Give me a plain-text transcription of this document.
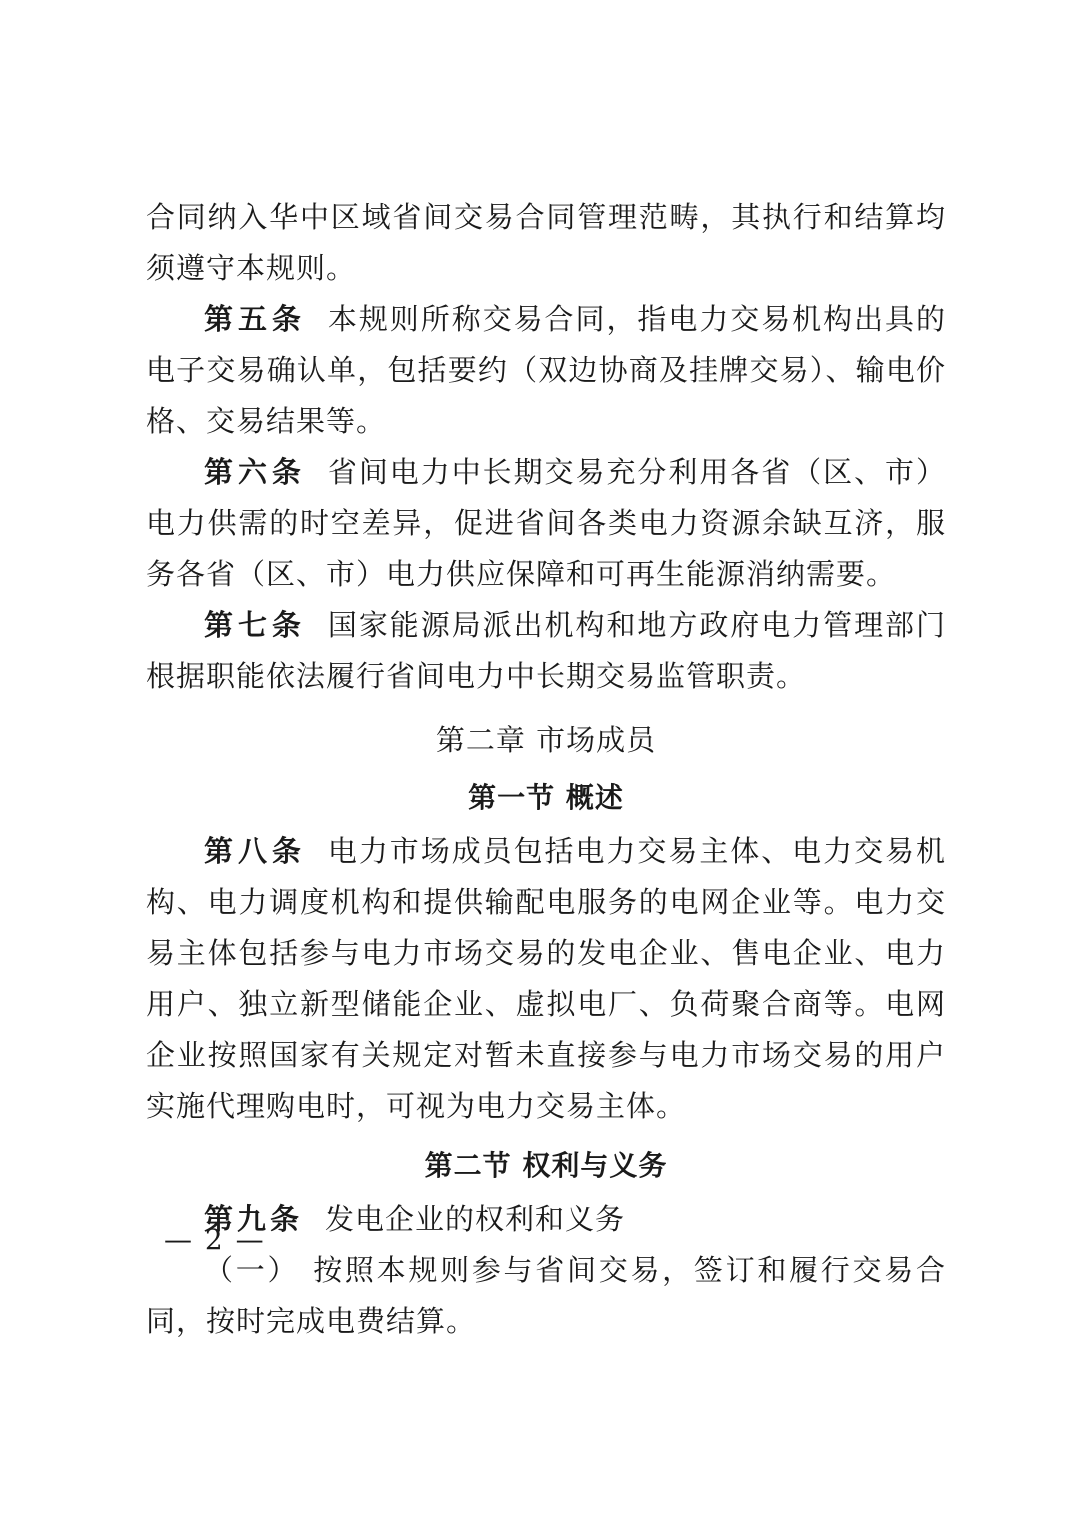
合同纳入华中区域省间交易合同管理范畴，其执行和结算均须遵守本规则。

第五条 本规则所称交易合同，指电力交易机构出具的电子交易确认单，包括要约（双边协商及挂牌交易）、输电价格、交易结果等。

第六条 省间电力中长期交易充分利用各省（区、市）电力供需的时空差异，促进省间各类电力资源余缺互济，服务各省（区、市）电力供应保障和可再生能源消纳需要。

第七条 国家能源局派出机构和地方政府电力管理部门根据职能依法履行省间电力中长期交易监管职责。

第二章 市场成员
第一节 概述

第八条 电力市场成员包括电力交易主体、电力交易机构、电力调度机构和提供输配电服务的电网企业等。电力交易主体包括参与电力市场交易的发电企业、售电企业、电力用户、独立新型储能企业、虚拟电厂、负荷聚合商等。电网企业按照国家有关规定对暂未直接参与电力市场交易的用户实施代理购电时，可视为电力交易主体。

第二节 权利与义务

第九条 发电企业的权利和义务

（一） 按照本规则参与省间交易，签订和履行交易合同，按时完成电费结算。

— 2 —
